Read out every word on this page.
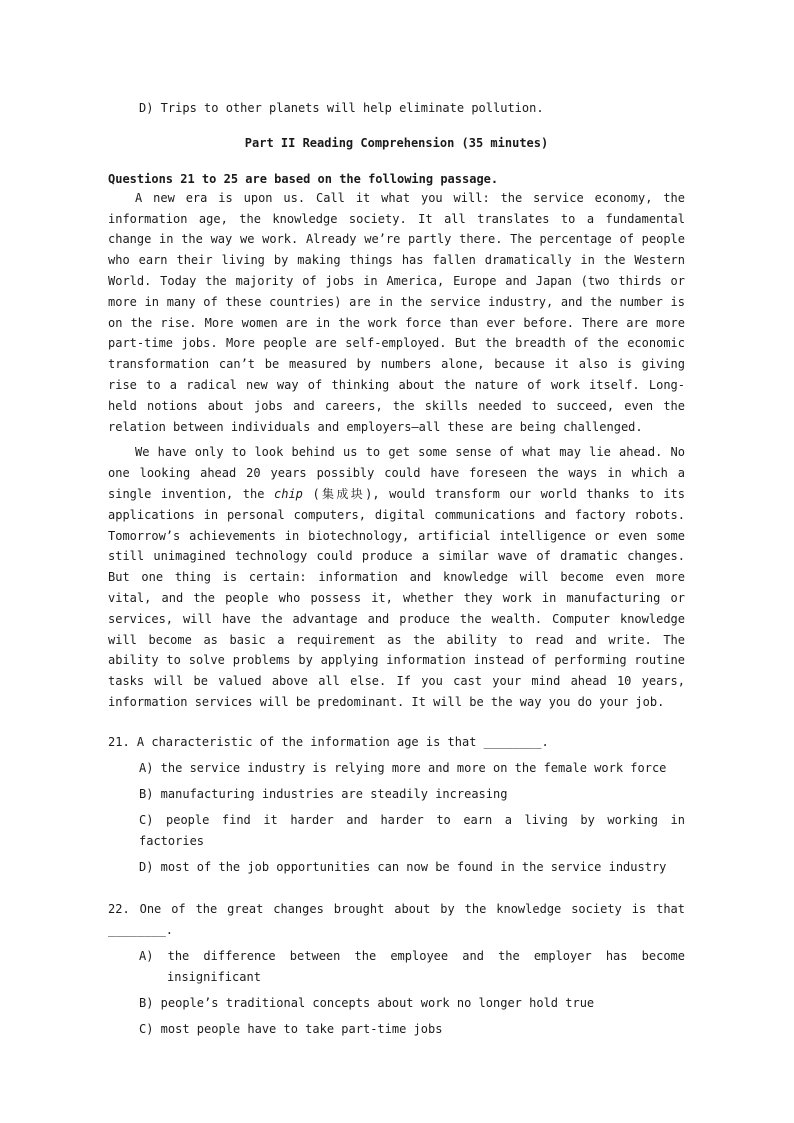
D) Trips to other planets will help eliminate pollution.
Part II Reading Comprehension (35 minutes)
Questions 21 to 25 are based on the following passage.

A new era is upon us. Call it what you will: the service economy, the information age, the knowledge society. It all translates to a fundamental change in the way we work. Already we’re partly there. The percentage of people who earn their living by making things has fallen dramatically in the Western World. Today the majority of jobs in America, Europe and Japan (two thirds or more in many of these countries) are in the service industry, and the number is on the rise. More women are in the work force than ever before. There are more part-time jobs. More people are self-employed. But the breadth of the economic transformation can’t be measured by numbers alone, because it also is giving rise to a radical new way of thinking about the nature of work itself. Long-held notions about jobs and careers, the skills needed to succeed, even the relation between individuals and employers—all these are being challenged.

We have only to look behind us to get some sense of what may lie ahead. No one looking ahead 20 years possibly could have foreseen the ways in which a single invention, the chip (集成块), would transform our world thanks to its applications in personal computers, digital communications and factory robots. Tomorrow’s achievements in biotechnology, artificial intelligence or even some still unimagined technology could produce a similar wave of dramatic changes. But one thing is certain: information and knowledge will become even more vital, and the people who possess it, whether they work in manufacturing or services, will have the advantage and produce the wealth. Computer knowledge will become as basic a requirement as the ability to read and write. The ability to solve problems by applying information instead of performing routine tasks will be valued above all else. If you cast your mind ahead 10 years, information services will be predominant. It will be the way you do your job.

21. A characteristic of the information age is that ________.
A) the service industry is relying more and more on the female work force
B) manufacturing industries are steadily increasing
C) people find it harder and harder to earn a living by working in factories
D) most of the job opportunities can now be found in the service industry
22. One of the great changes brought about by the knowledge society is that ________.
A) the difference between the employee and the employer has become insignificant
B) people’s traditional concepts about work no longer hold true
C) most people have to take part-time jobs
